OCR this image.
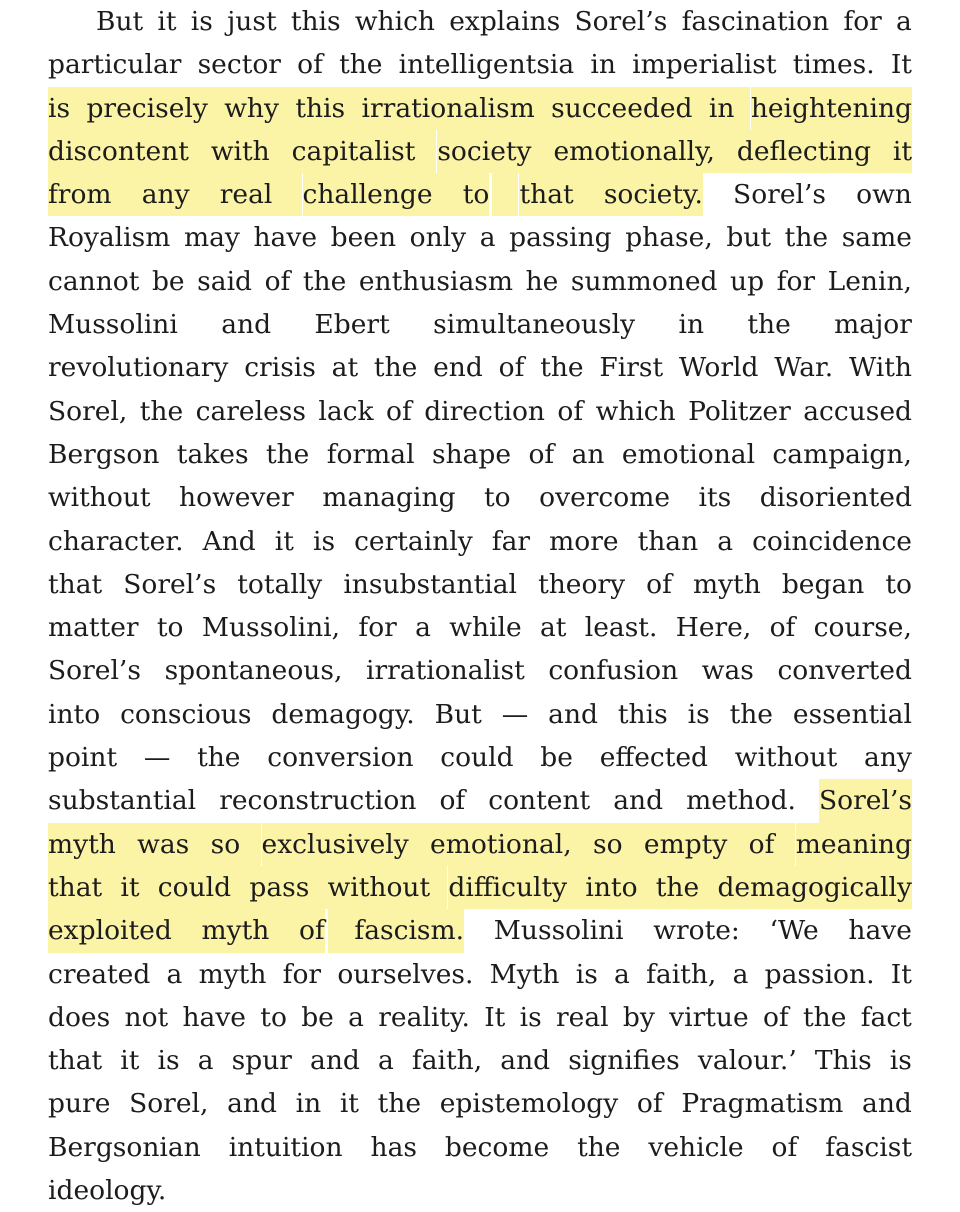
But it is just this which explains Sorel’s fascination for a
particular sector of the intelligentsia in imperialist times. It
is precisely why this irrationalism succeeded in heightening
discontent with capitalist society emotionally, deflecting it
from any real challenge to that society. Sorel’s own
Royalism may have been only a passing phase, but the same
cannot be said of the enthusiasm he summoned up for Lenin,
Mussolini and Ebert simultaneously in the major
revolutionary crisis at the end of the First World War. With
Sorel, the careless lack of direction of which Politzer accused
Bergson takes the formal shape of an emotional campaign,
without however managing to overcome its disoriented
character. And it is certainly far more than a coincidence
that Sorel’s totally insubstantial theory of myth began to
matter to Mussolini, for a while at least. Here, of course,
Sorel’s spontaneous, irrationalist confusion was converted
into conscious demagogy. But — and this is the essential
point — the conversion could be effected without any
substantial reconstruction of content and method. Sorel’s
myth was so exclusively emotional, so empty of meaning
that it could pass without difficulty into the demagogically
exploited myth of fascism. Mussolini wrote: ‘We have
created a myth for ourselves. Myth is a faith, a passion. It
does not have to be a reality. It is real by virtue of the fact
that it is a spur and a faith, and signifies valour.’ This is
pure Sorel, and in it the epistemology of Pragmatism and
Bergsonian intuition has become the vehicle of fascist
ideology.
